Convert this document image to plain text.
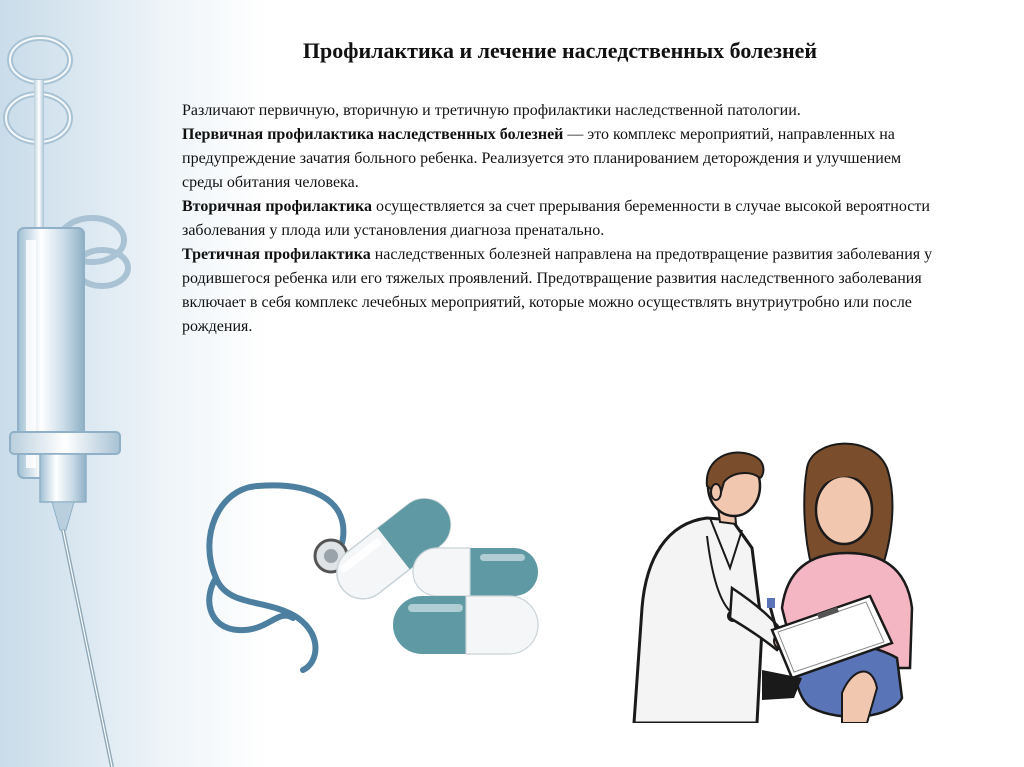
Профилактика и лечение наследственных болезней

Различают первичную, вторичную и третичную профилактики наследственной патологии.

Первичная профилактика наследственных болезней — это комплекс мероприятий, направленных на предупреждение зачатия больного ребенка. Реализуется это планированием деторождения и улучшением среды обитания человека.

Вторичная профилактика осуществляется за счет прерывания беременности в случае высокой вероятности заболевания у плода или установления диагноза пренатально.

Третичная профилактика наследственных болезней направлена на предотвращение развития заболевания у родившегося ребенка или его тяжелых проявлений. Предотвращение развития наследственного заболевания включает в себя комплекс лечебных мероприятий, которые можно осуществлять внутриутробно или после рождения.
